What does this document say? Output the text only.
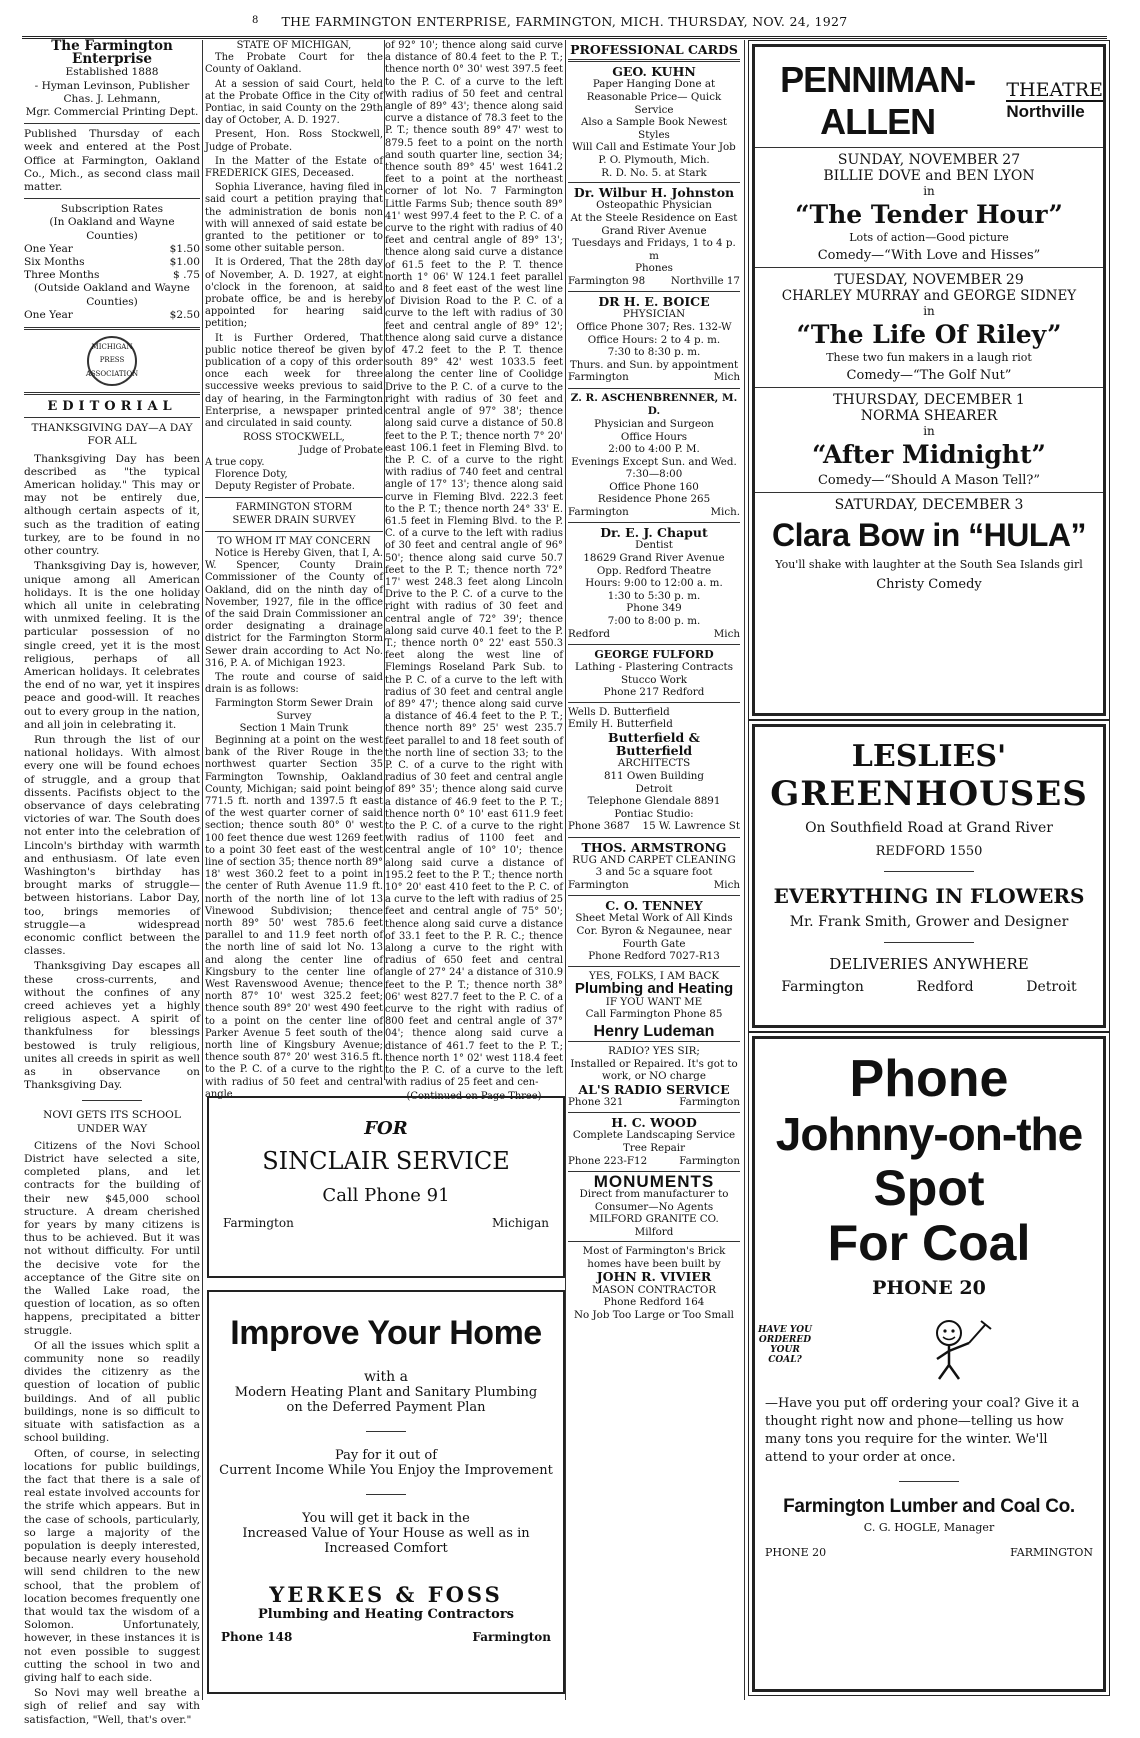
8 THE FARMINGTON ENTERPRISE, FARMINGTON, MICH. THURSDAY, NOV. 24, 1927
The Farmington Enterprise
Established 1888
- Hyman Levinson, Publisher
Chas. J. Lehmann,
Mgr. Commercial Printing Dept.

Published Thursday of each week and entered at the Post Office at Farmington, Oakland Co., Mich., as second class mail matter.

Subscription Rates
(In Oakland and Wayne Counties)
One Year	$1.50
Six Months	$1.00
Three Months	$ .75
(Outside Oakland and Wayne Counties)
One Year	$2.50
MICHIGAN PRESS ASSOCIATION
EDITORIAL
THANKSGIVING DAY—A DAY FOR ALL

Thanksgiving Day has been described as "the typical American holiday." This may or may not be entirely due, although certain aspects of it, such as the tradition of eating turkey, are to be found in no other country.

Thanksgiving Day is, however, unique among all American holidays. It is the one holiday which all unite in celebrating with unmixed feeling. It is the particular possession of no single creed, yet it is the most religious, perhaps of all American holidays. It celebrates the end of no war, yet it inspires peace and good-will. It reaches out to every group in the nation, and all join in celebrating it.

Run through the list of our national holidays. With almost every one will be found echoes of struggle, and a group that dissents. Pacifists object to the observance of days celebrating victories of war. The South does not enter into the celebration of Lincoln's birthday with warmth and enthusiasm. Of late even Washington's birthday has brought marks of struggle—between historians. Labor Day, too, brings memories of struggle—a widespread economic conflict between the classes.

Thanksgiving Day escapes all these cross-currents, and without the confines of any creed achieves yet a highly religious aspect. A spirit of thankfulness for blessings bestowed is truly religious, unites all creeds in spirit as well as in observance on Thanksgiving Day.

NOVI GETS ITS SCHOOL UNDER WAY

Citizens of the Novi School District have selected a site, completed plans, and let contracts for the building of their new $45,000 school structure. A dream cherished for years by many citizens is thus to be achieved. But it was not without difficulty. For until the decisive vote for the acceptance of the Gitre site on the Walled Lake road, the question of location, as so often happens, precipitated a bitter struggle.

Of all the issues which split a community none so readily divides the citizenry as the question of location of public buildings. And of all public buildings, none is so difficult to situate with satisfaction as a school building.

Often, of course, in selecting locations for public buildings, the fact that there is a sale of real estate involved accounts for the strife which appears. But in the case of schools, particularly, so large a majority of the population is deeply interested, because nearly every household will send children to the new school, that the problem of location becomes frequently one that would tax the wisdom of a Solomon. Unfortunately, however, in these instances it is not even possible to suggest cutting the school in two and giving half to each side.

So Novi may well breathe a sigh of relief and say with satisfaction, "Well, that's over."

STATE OF MICHIGAN,

The Probate Court for the County of Oakland.

At a session of said Court, held at the Probate Office in the City of Pontiac, in said County on the 29th day of October, A. D. 1927.

Present, Hon. Ross Stockwell, Judge of Probate.

In the Matter of the Estate of FREDERICK GIES, Deceased.

Sophia Liverance, having filed in said court a petition praying that the administration de bonis non with will annexed of said estate be granted to the petitioner or to some other suitable person.

It is Ordered, That the 28th day of November, A. D. 1927, at eight o'clock in the forenoon, at said probate office, be and is hereby appointed for hearing said petition;

It is Further Ordered, That public notice thereof be given by publication of a copy of this order once each week for three successive weeks previous to said day of hearing, in the Farmington Enterprise, a newspaper printed and circulated in said county.

ROSS STOCKWELL,
Judge of Probate
A true copy.
Florence Doty,
Deputy Register of Probate.
FARMINGTON STORM
SEWER DRAIN SURVEY
TO WHOM IT MAY CONCERN

Notice is Hereby Given, that I, A. W. Spencer, County Drain Commissioner of the County of Oakland, did on the ninth day of November, 1927, file in the office of the said Drain Commissioner an order designating a drainage district for the Farmington Storm Sewer drain according to Act No. 316, P. A. of Michigan 1923.

The route and course of said drain is as follows:

Farmington Storm Sewer Drain Survey
Section 1 Main Trunk

Beginning at a point on the west bank of the River Rouge in the northwest quarter Section 35 Farmington Township, Oakland County, Michigan; said point being 771.5 ft. north and 1397.5 ft east of the west quarter corner of said section; thence south 80° 0' west 100 feet thence due west 1269 feet to a point 30 feet east of the west line of section 35; thence north 89° 18' west 360.2 feet to a point in the center of Ruth Avenue 11.9 ft. north of the north line of lot 13 Vinewood Subdivision; thence north 89° 50' west 785.6 feet parallel to and 11.9 feet north of the north line of said lot No. 13 and along the center line of Kingsbury to the center line of West Ravenswood Avenue; thence north 87° 10' west 325.2 feet; thence south 89° 20' west 490 feet to a point on the center line of Parker Avenue 5 feet south of the north line of Kingsbury Avenue; thence south 87° 20' west 316.5 ft. to the P. C. of a curve to the right with radius of 50 feet and central angle

of 92° 10'; thence along said curve a distance of 80.4 feet to the P. T.; thence north 0° 30' west 397.5 feet to the P. C. of a curve to the left with radius of 50 feet and central angle of 89° 43'; thence along said curve a distance of 78.3 feet to the P. T.; thence south 89° 47' west to 879.5 feet to a point on the north and south quarter line, section 34; thence south 89° 45' west 1641.2 feet to a point at the northeast corner of lot No. 7 Farmington Little Farms Sub; thence south 89° 41' west 997.4 feet to the P. C. of a curve to the right with radius of 40 feet and central angle of 89° 13'; thence along said curve a distance of 61.5 feet to the P. T. thence north 1° 06' W 124.1 feet parallel to and 8 feet east of the west line of Division Road to the P. C. of a curve to the left with radius of 30 feet and central angle of 89° 12'; thence along said curve a distance of 47.2 feet to the P. T. thence south 89° 42' west 1033.5 feet along the center line of Coolidge Drive to the P. C. of a curve to the right with radius of 30 feet and central angle of 97° 38'; thence along said curve a distance of 50.8 feet to the P. T.; thence north 7° 20' east 106.1 feet in Fleming Blvd. to the P. C. of a curve to the right with radius of 740 feet and central angle of 17° 13'; thence along said curve in Fleming Blvd. 222.3 feet to the P. T.; thence north 24° 33' E. 61.5 feet in Fleming Blvd. to the P. C. of a curve to the left with radius of 30 feet and central angle of 96° 50'; thence along said curve 50.7 feet to the P. T.; thence north 72° 17' west 248.3 feet along Lincoln Drive to the P. C. of a curve to the right with radius of 30 feet and central angle of 72° 39'; thence along said curve 40.1 feet to the P. T.; thence north 0° 22' east 550.3 feet along the west line of Flemings Roseland Park Sub. to the P. C. of a curve to the left with radius of 30 feet and central angle of 89° 47'; thence along said curve a distance of 46.4 feet to the P. T.; thence north 89° 25' west 235.7 feet parallel to and 18 feet south of the north line of section 33; to the P. C. of a curve to the right with radius of 30 feet and central angle of 89° 35'; thence along said curve a distance of 46.9 feet to the P. T.; thence north 0° 10' east 611.9 feet to the P. C. of a curve to the right with radius of 1100 feet and central angle of 10° 10'; thence along said curve a distance of 195.2 feet to the P. T.; thence north 10° 20' east 410 feet to the P. C. of a curve to the left with radius of 25 feet and central angle of 75° 50'; thence along said curve a distance of 33.1 feet to the P. R. C.; thence along a curve to the right with radius of 650 feet and central angle of 27° 24' a distance of 310.9 feet to the P. T.; thence north 38° 06' west 827.7 feet to the P. C. of a curve to the right with radius of 800 feet and central angle of 37° 04'; thence along said curve a distance of 461.7 feet to the P. T.; thence north 1° 02' west 118.4 feet to the P. C. of a curve to the left with radius of 25 feet and cen-

(Continued on Page Three)
FOR
SINCLAIR SERVICE
Call Phone 91
Farmington	Michigan
Improve Your Home
with a
Modern Heating Plant and Sanitary Plumbing
on the Deferred Payment Plan
Pay for it out of
Current Income While You Enjoy the Improvement
You will get it back in the
Increased Value of Your House as well as in
Increased Comfort
YERKES & FOSS
Plumbing and Heating Contractors
Phone 148	Farmington
PROFESSIONAL CARDS
GEO. KUHN
Paper Hanging Done at Reasonable Price— Quick Service
Also a Sample Book Newest Styles
Will Call and Estimate Your Job
P. O. Plymouth, Mich.
R. D. No. 5. at Stark
Dr. Wilbur H. Johnston
Osteopathic Physician
At the Steele Residence on East Grand River Avenue
Tuesdays and Fridays, 1 to 4 p. m
Phones
Farmington 98	Northville 17
DR H. E. BOICE
PHYSICIAN
Office Phone 307; Res. 132-W
Office Hours: 2 to 4 p. m.
7:30 to 8:30 p. m.
Thurs. and Sun. by appointment
Farmington	Mich
Z. R. ASCHENBRENNER, M. D.
Physician and Surgeon
Office Hours
2:00 to 4:00 P. M.
Evenings Except Sun. and Wed.
7:30—8:00
Office Phone 160
Residence Phone 265
Farmington	Mich.
Dr. E. J. Chaput
Dentist
18629 Grand River Avenue
Opp. Redford Theatre
Hours: 9:00 to 12:00 a. m.
1:30 to 5:30 p. m.
Phone 349
7:00 to 8:00 p. m.
Redford	Mich
GEORGE FULFORD
Lathing - Plastering Contracts
Stucco Work
Phone 217 Redford
Wells D. Butterfield
Emily H. Butterfield
Butterfield & Butterfield
ARCHITECTS
811 Owen Building
Detroit
Telephone Glendale 8891
Pontiac Studio:
Phone 3687 15 W. Lawrence St
THOS. ARMSTRONG
RUG AND CARPET CLEANING
3 and 5c a square foot
Farmington	Mich
C. O. TENNEY
Sheet Metal Work of All Kinds
Cor. Byron & Negaunee, near
Fourth Gate
Phone Redford 7027-R13
YES, FOLKS, I AM BACK
Plumbing and Heating
IF YOU WANT ME
Call Farmington Phone 85
Henry Ludeman
RADIO? YES SIR;
Installed or Repaired. It's got to work, or NO charge
AL'S RADIO SERVICE
Phone 321	Farmington
H. C. WOOD
Complete Landscaping Service
Tree Repair
Phone 223-F12	Farmington
MONUMENTS
Direct from manufacturer to
Consumer—No Agents
MILFORD GRANITE CO.
Milford
Most of Farmington's Brick homes have been built by
JOHN R. VIVIER
MASON CONTRACTOR
Phone Redford 164
No Job Too Large or Too Small
PENNIMAN-ALLEN
THEATRE
Northville
SUNDAY, NOVEMBER 27
BILLIE DOVE and BEN LYON
in
“The Tender Hour”
Lots of action—Good picture
Comedy—“With Love and Hisses”
TUESDAY, NOVEMBER 29
CHARLEY MURRAY and GEORGE SIDNEY
in
“The Life Of Riley”
These two fun makers in a laugh riot
Comedy—“The Golf Nut”
THURSDAY, DECEMBER 1
NORMA SHEARER
in
“After Midnight”
Comedy—“Should A Mason Tell?”
SATURDAY, DECEMBER 3
Clara Bow in “HULA”
You'll shake with laughter at the South Sea Islands girl
Christy Comedy
LESLIES'
GREENHOUSES
On Southfield Road at Grand River
REDFORD 1550
EVERYTHING IN FLOWERS
Mr. Frank Smith, Grower and Designer
DELIVERIES ANYWHERE
Farmington	Redford	Detroit
Phone
Johnny-on-the
Spot
For Coal
PHONE 20
HAVE YOU ORDERED YOUR COAL?
—Have you put off ordering your coal? Give it a thought right now and phone—telling us how many tons you require for the winter. We'll attend to your order at once.
Farmington Lumber and Coal Co.
C. G. HOGLE, Manager
PHONE 20	FARMINGTON
